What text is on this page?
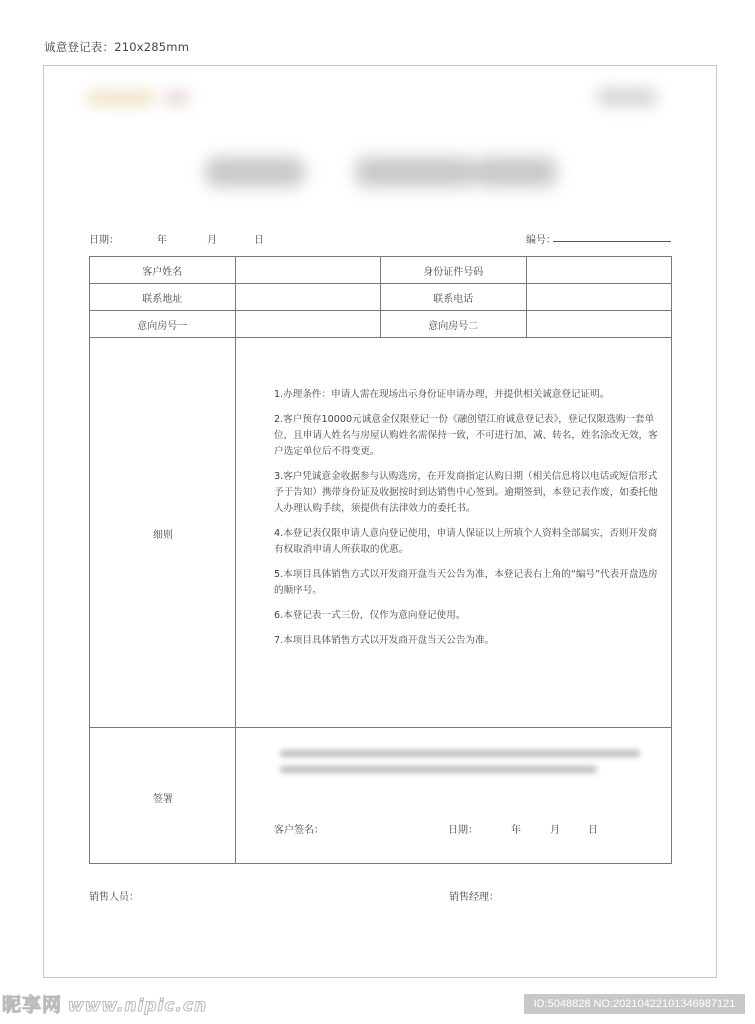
诚意登记表：210x285mm
日期：	年	月	日	编号：
客户姓名		身份证件号码	
联系地址		联系电话	
意向房号一		意向房号二	
细则

1.办理条件：申请人需在现场出示身份证申请办理，并提供相关诚意登记证明。

2.客户预存10000元诚意金仅限登记一份《融创望江府诚意登记表》，登记仅限选购一套单位，且申请人姓名与房屋认购姓名需保持一致，不可进行加、减、转名，姓名涂改无效，客户选定单位后不得变更。

3.客户凭诚意金收据参与认购选房，在开发商指定认购日期（相关信息将以电话或短信形式予于告知）携带身份证及收据按时到达销售中心签到。逾期签到，本登记表作废，如委托他人办理认购手续，须提供有法律效力的委托书。

4.本登记表仅限申请人意向登记使用，申请人保证以上所填个人资料全部属实，否则开发商有权取消申请人所获取的优惠。

5.本项目具体销售方式以开发商开盘当天公告为准，本登记表右上角的“编号”代表开盘选房的顺序号。

6.本登记表一式三份，仅作为意向登记使用。

7.本项目具体销售方式以开发商开盘当天公告为准。

签署
客户签名：	日期：	年	月	日
销售人员：	销售经理：
昵享网 www.nipic.cn	ID:5048828 NO:20210422101346987121
